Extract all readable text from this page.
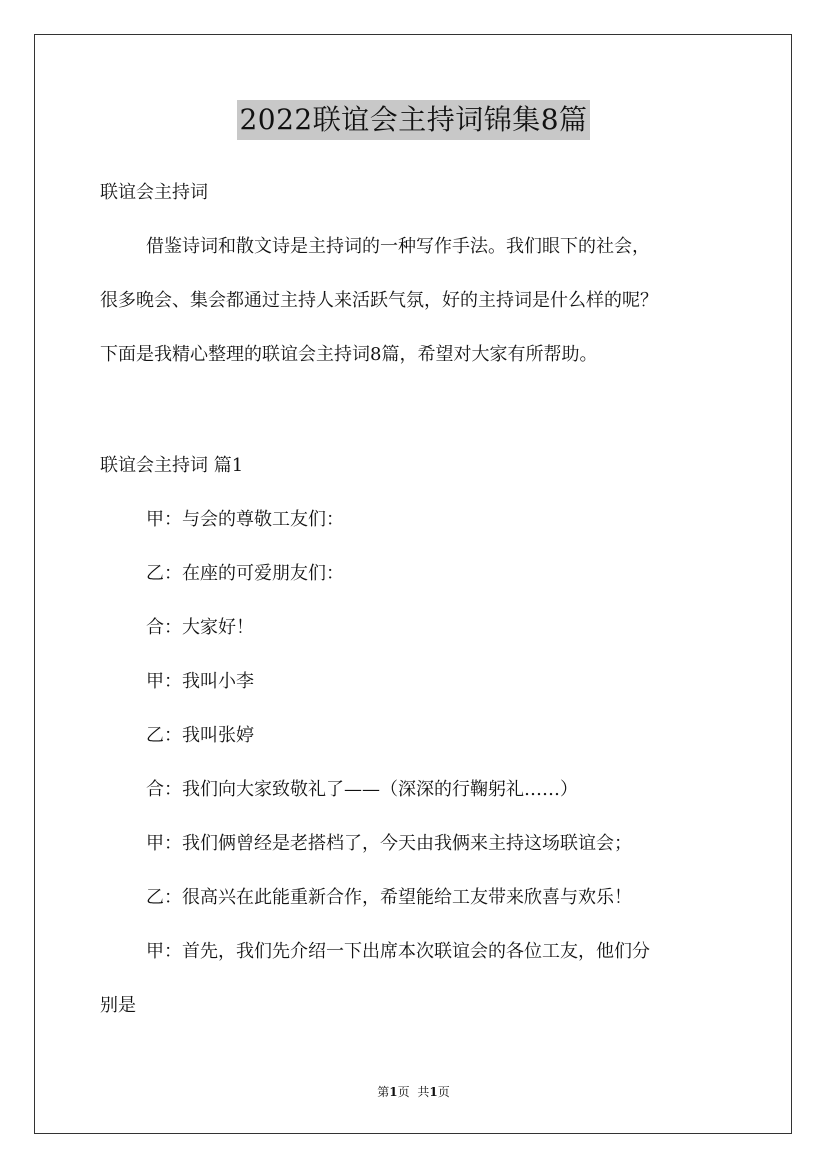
2022联谊会主持词锦集8篇
联谊会主持词
借鉴诗词和散文诗是主持词的一种写作手法。我们眼下的社会，
很多晚会、集会都通过主持人来活跃气氛，好的主持词是什么样的呢？
下面是我精心整理的联谊会主持词8篇，希望对大家有所帮助。
联谊会主持词 篇1
甲：与会的尊敬工友们：
乙：在座的可爱朋友们：
合：大家好！
甲：我叫小李
乙：我叫张婷
合：我们向大家致敬礼了——（深深的行鞠躬礼……）
甲：我们俩曾经是老搭档了，今天由我俩来主持这场联谊会；
乙：很高兴在此能重新合作，希望能给工友带来欣喜与欢乐！
甲：首先，我们先介绍一下出席本次联谊会的各位工友，他们分
别是
第1页 共1页
